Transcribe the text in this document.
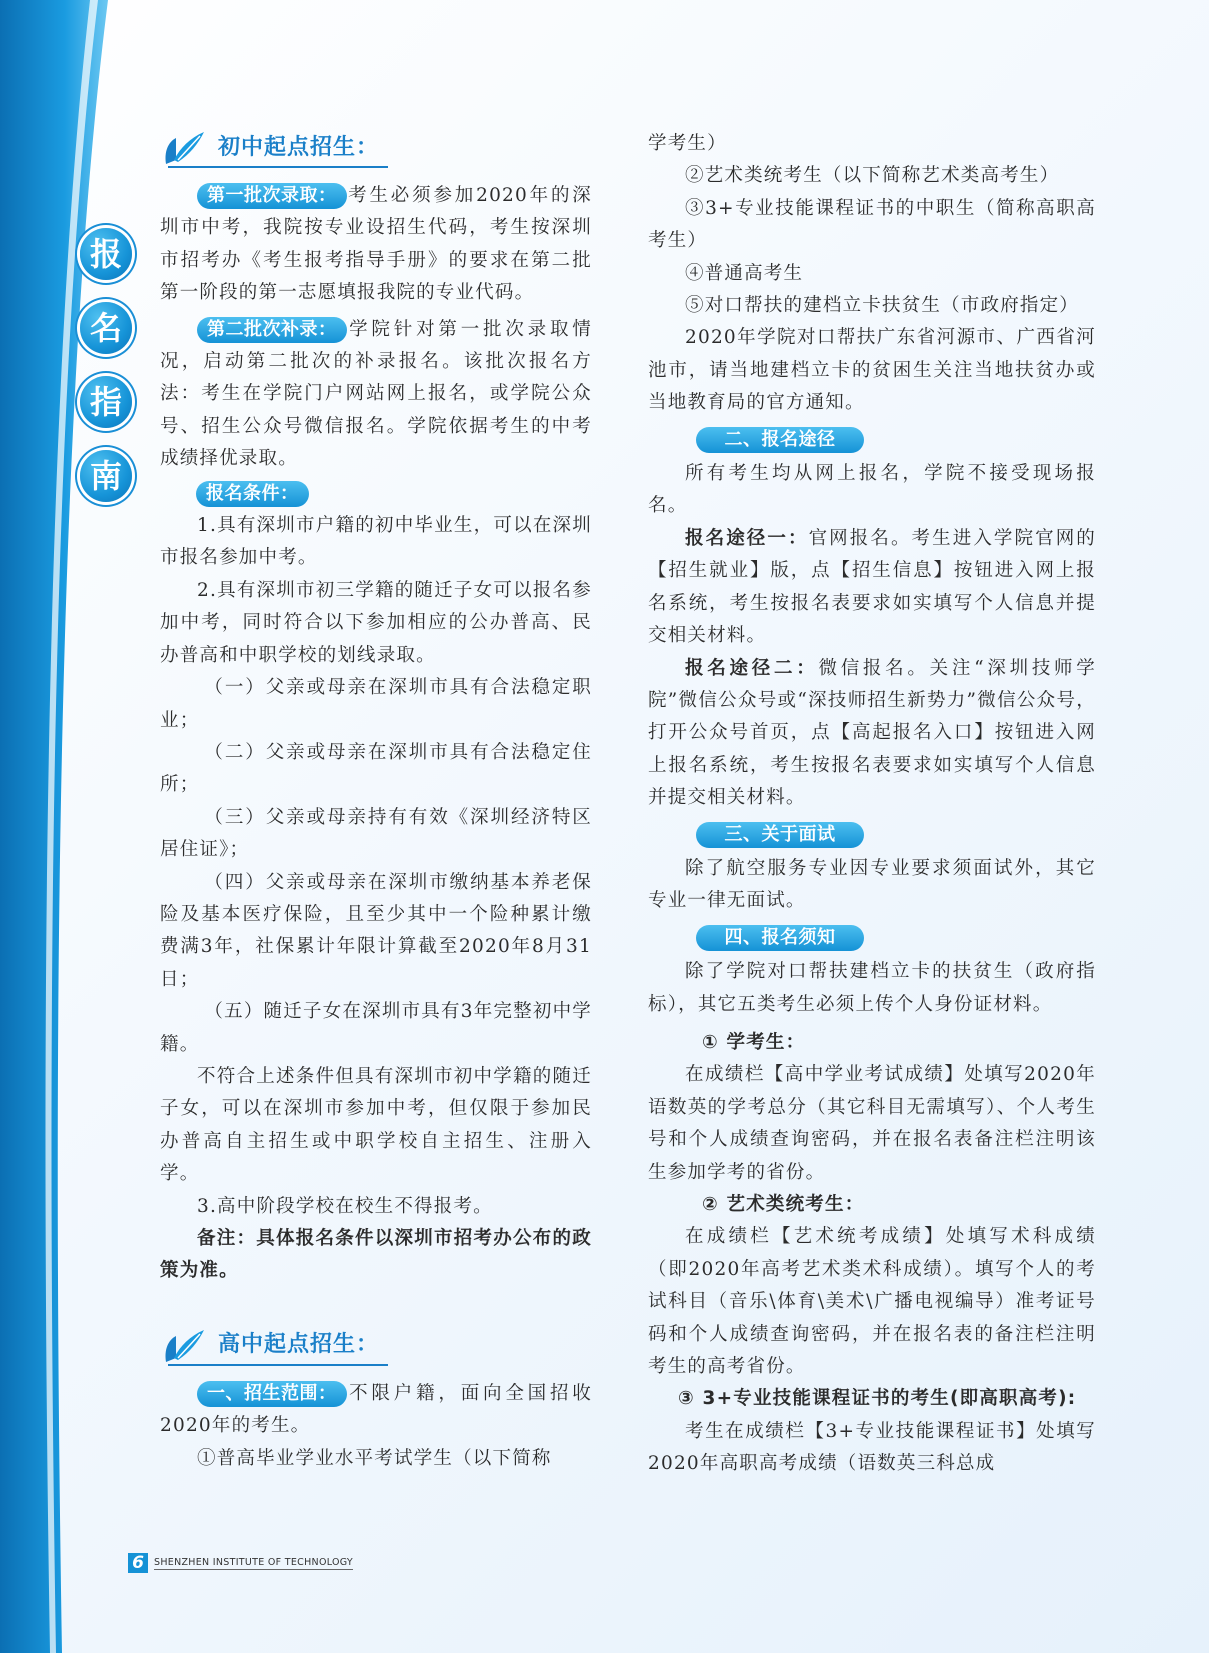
报
名
指
南
初中起点招生：

第一批次录取： 考生必须参加2020年的深圳市中考，我院按专业设招生代码，考生按深圳市招考办《考生报考指导手册》的要求在第二批第一阶段的第一志愿填报我院的专业代码。

第二批次补录： 学院针对第一批次录取情况，启动第二批次的补录报名。该批次报名方法：考生在学院门户网站网上报名，或学院公众号、招生公众号微信报名。学院依据考生的中考成绩择优录取。

报名条件：

1.具有深圳市户籍的初中毕业生，可以在深圳市报名参加中考。

2.具有深圳市初三学籍的随迁子女可以报名参加中考，同时符合以下参加相应的公办普高、民办普高和中职学校的划线录取。

（一）父亲或母亲在深圳市具有合法稳定职业；

（二）父亲或母亲在深圳市具有合法稳定住所；

（三）父亲或母亲持有有效《深圳经济特区居住证》；

（四）父亲或母亲在深圳市缴纳基本养老保险及基本医疗保险，且至少其中一个险种累计缴费满3年，社保累计年限计算截至2020年8月31日；

（五）随迁子女在深圳市具有3年完整初中学籍。

不符合上述条件但具有深圳市初中学籍的随迁子女，可以在深圳市参加中考，但仅限于参加民办普高自主招生或中职学校自主招生、注册入学。

3.高中阶段学校在校生不得报考。

备注：具体报名条件以深圳市招考办公布的政策为准。

高中起点招生：

一、招生范围： 不限户籍，面向全国招收2020年的考生。

①普高毕业学业水平考试学生（以下简称

学考生）

②艺术类统考生（以下简称艺术类高考生）

③3+专业技能课程证书的中职生（简称高职高考生）

④普通高考生

⑤对口帮扶的建档立卡扶贫生（市政府指定）

2020年学院对口帮扶广东省河源市、广西省河池市，请当地建档立卡的贫困生关注当地扶贫办或当地教育局的官方通知。

二、报名途径

所有考生均从网上报名，学院不接受现场报名。

报名途径一：官网报名。考生进入学院官网的【招生就业】版，点【招生信息】按钮进入网上报名系统，考生按报名表要求如实填写个人信息并提交相关材料。

报名途径二：微信报名。关注“深圳技师学院”微信公众号或“深技师招生新势力”微信公众号，打开公众号首页，点【高起报名入口】按钮进入网上报名系统，考生按报名表要求如实填写个人信息并提交相关材料。

三、关于面试

除了航空服务专业因专业要求须面试外，其它专业一律无面试。

四、报名须知

除了学院对口帮扶建档立卡的扶贫生（政府指标），其它五类考生必须上传个人身份证材料。

① 学考生：

在成绩栏【高中学业考试成绩】处填写2020年语数英的学考总分（其它科目无需填写）、个人考生号和个人成绩查询密码，并在报名表备注栏注明该生参加学考的省份。

② 艺术类统考生：

在成绩栏【艺术统考成绩】处填写术科成绩（即2020年高考艺术类术科成绩）。填写个人的考试科目（音乐\体育\美术\广播电视编导）准考证号码和个人成绩查询密码，并在报名表的备注栏注明考生的高考省份。

③ 3+专业技能课程证书的考生(即高职高考):

考生在成绩栏【3+专业技能课程证书】处填写2020年高职高考成绩（语数英三科总成

6	SHENZHEN INSTITUTE OF TECHNOLOGY
